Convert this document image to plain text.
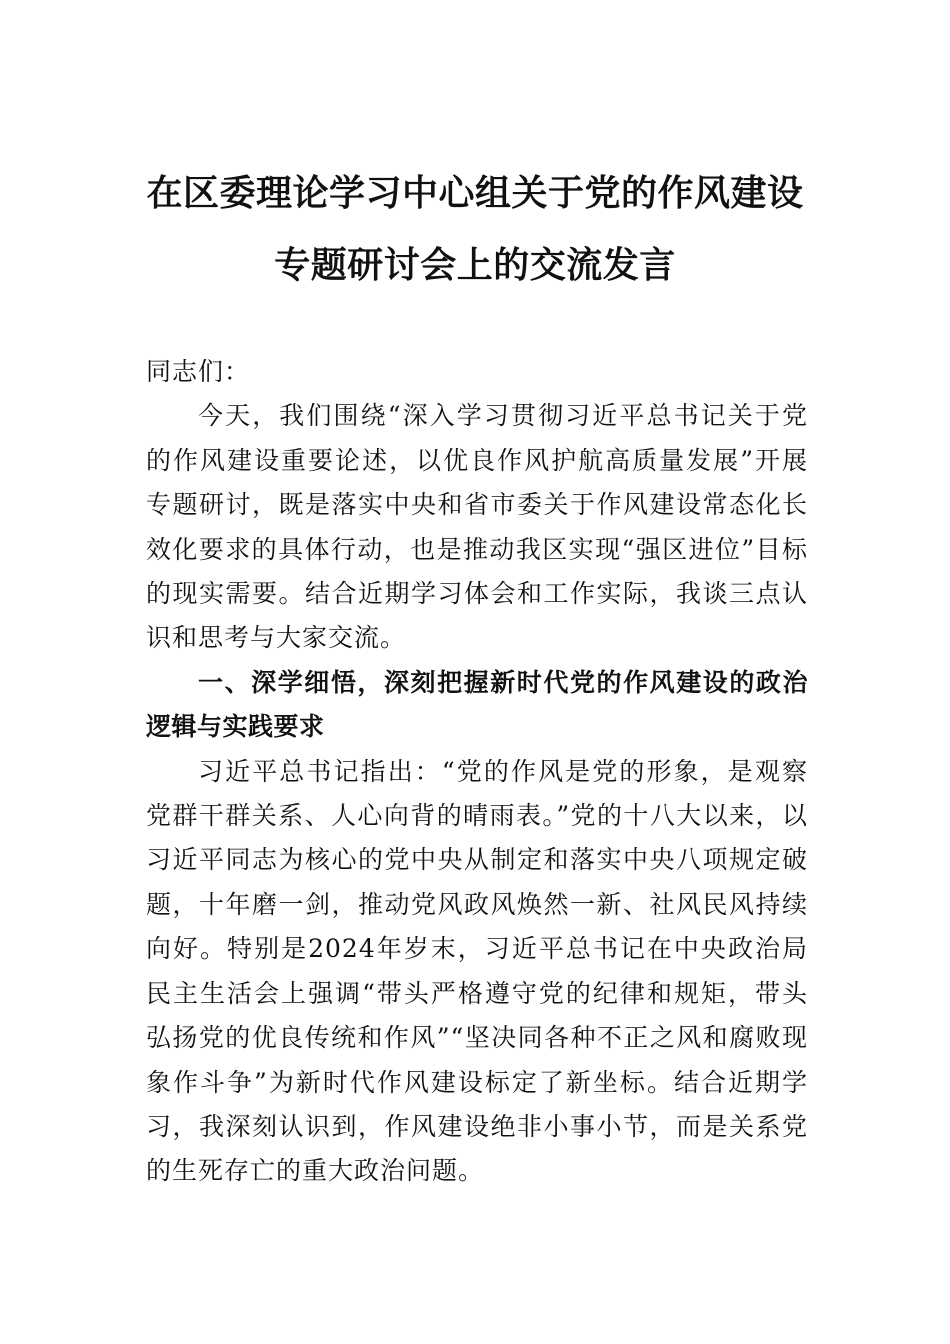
在区委理论学习中心组关于党的作风建设
专题研讨会上的交流发言

同志们：

今天，我们围绕“深入学习贯彻习近平总书记关于党的作风建设重要论述，以优良作风护航高质量发展”开展专题研讨，既是落实中央和省市委关于作风建设常态化长效化要求的具体行动，也是推动我区实现“强区进位”目标的现实需要。结合近期学习体会和工作实际，我谈三点认识和思考与大家交流。

一、深学细悟，深刻把握新时代党的作风建设的政治逻辑与实践要求

习近平总书记指出：“党的作风是党的形象，是观察党群干群关系、人心向背的晴雨表。”党的十八大以来，以习近平同志为核心的党中央从制定和落实中央八项规定破题，十年磨一剑，推动党风政风焕然一新、社风民风持续向好。特别是2024年岁末，习近平总书记在中央政治局民主生活会上强调“带头严格遵守党的纪律和规矩，带头弘扬党的优良传统和作风”“坚决同各种不正之风和腐败现象作斗争”为新时代作风建设标定了新坐标。结合近期学习，我深刻认识到，作风建设绝非小事小节，而是关系党的生死存亡的重大政治问题。
